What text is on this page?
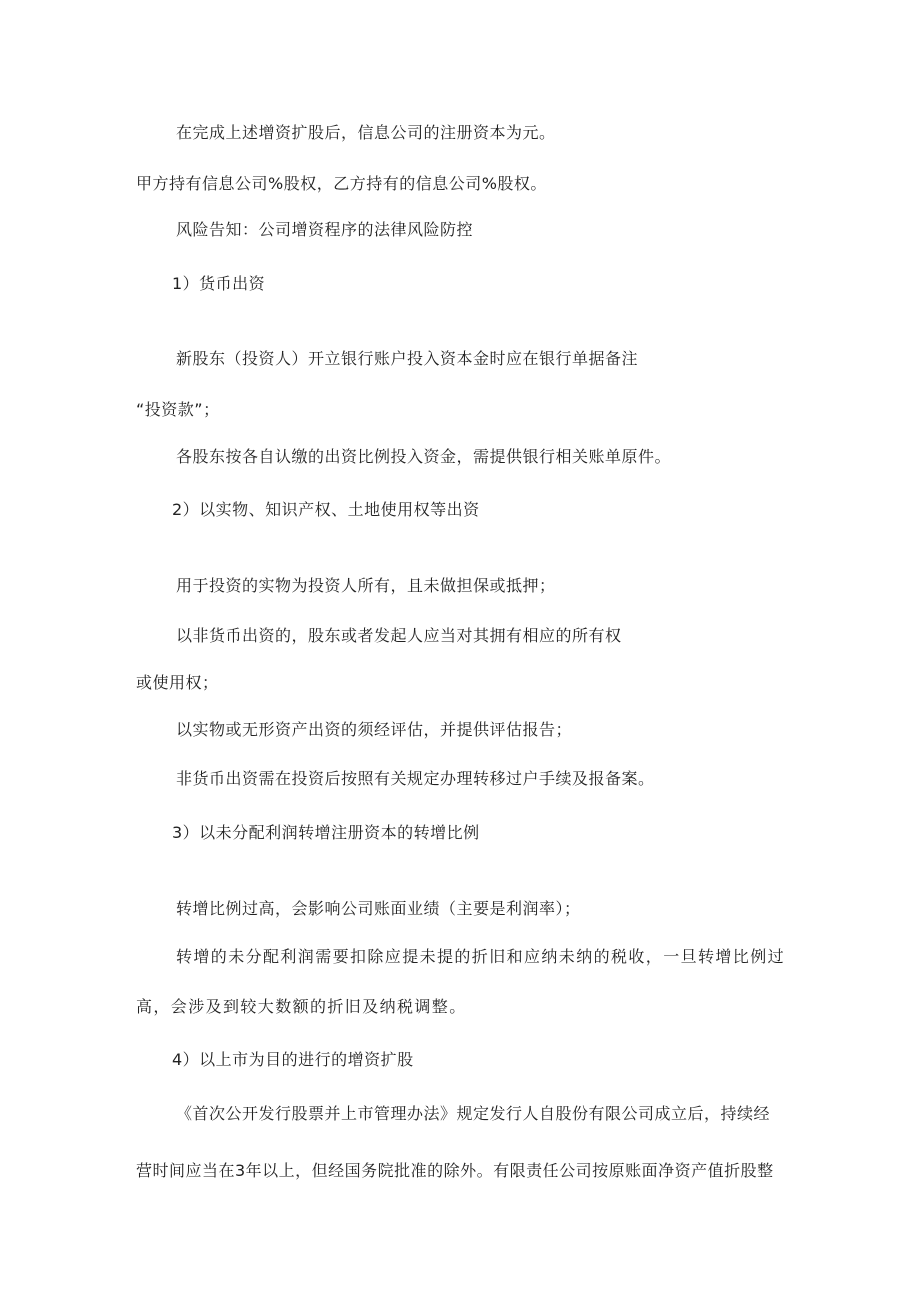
在完成上述增资扩股后，信息公司的注册资本为元。
甲方持有信息公司%股权，乙方持有的信息公司%股权。
风险告知：公司增资程序的法律风险防控
1）货币出资
新股东（投资人）开立银行账户投入资本金时应在银行单据备注
“投资款”；
各股东按各自认缴的出资比例投入资金，需提供银行相关账单原件。
2）以实物、知识产权、土地使用权等出资
用于投资的实物为投资人所有，且未做担保或抵押；
以非货币出资的，股东或者发起人应当对其拥有相应的所有权
或使用权；
以实物或无形资产出资的须经评估，并提供评估报告；
非货币出资需在投资后按照有关规定办理转移过户手续及报备案。
3）以未分配利润转增注册资本的转增比例
转增比例过高，会影响公司账面业绩（主要是利润率）；
转增的未分配利润需要扣除应提未提的折旧和应纳未纳的税收，一旦转增比例过
高，会涉及到较大数额的折旧及纳税调整。
4）以上市为目的进行的增资扩股
《首次公开发行股票并上市管理办法》规定发行人自股份有限公司成立后，持续经
营时间应当在3年以上，但经国务院批准的除外。有限责任公司按原账面净资产值折股整
